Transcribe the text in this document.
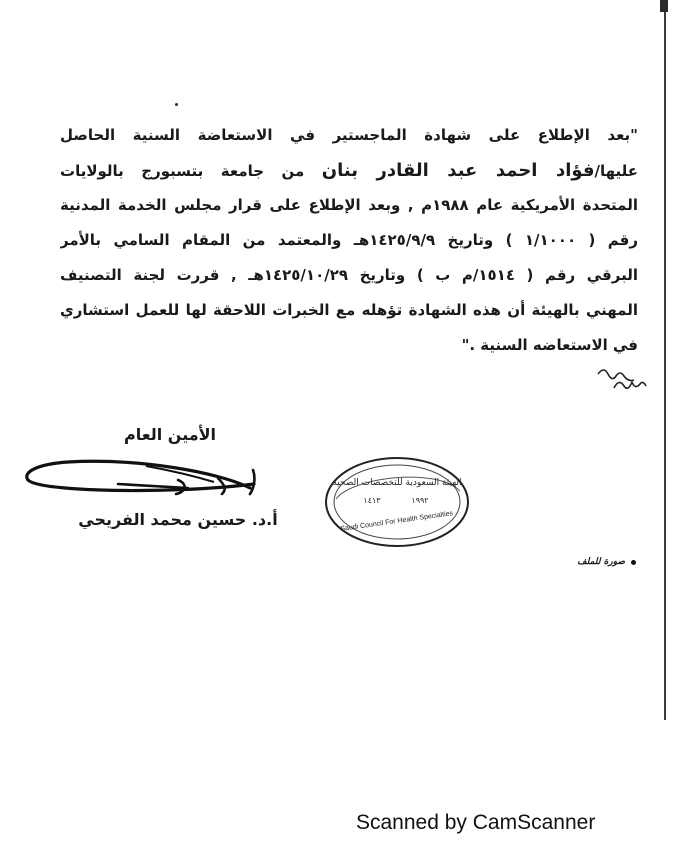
"بعد الإطلاع على شهادة الماجستير في الاستعاضة السنية الحاصل
عليها/فؤاد احمد عبد القادر بنان من جامعة بتسبورج بالولايات
المتحدة الأمريكية عام ١٩٨٨م , وبعد الإطلاع على قرار مجلس الخدمة المدنية
رقم ( ١/١٠٠٠ ) وتاريخ ١٤٢٥/٩/٩هـ والمعتمد من المقام السامي بالأمر
البرقي رقم ( ١٥١٤/م ب ) وتاريخ ١٤٢٥/١٠/٢٩هـ , قررت لجنة التصنيف
المهني بالهيئة أن هذه الشهادة تؤهله مع الخبرات اللاحقة لها للعمل استشاري
في الاستعاضه السنية ."
الأمين العام
أ.د. حسين محمد الفريحي
الهيئة السعودية للتخصصات الصحية
١٤١٣	١٩٩٢
Saudi Council For Health Specialties
صورة للملف
Scanned by CamScanner
